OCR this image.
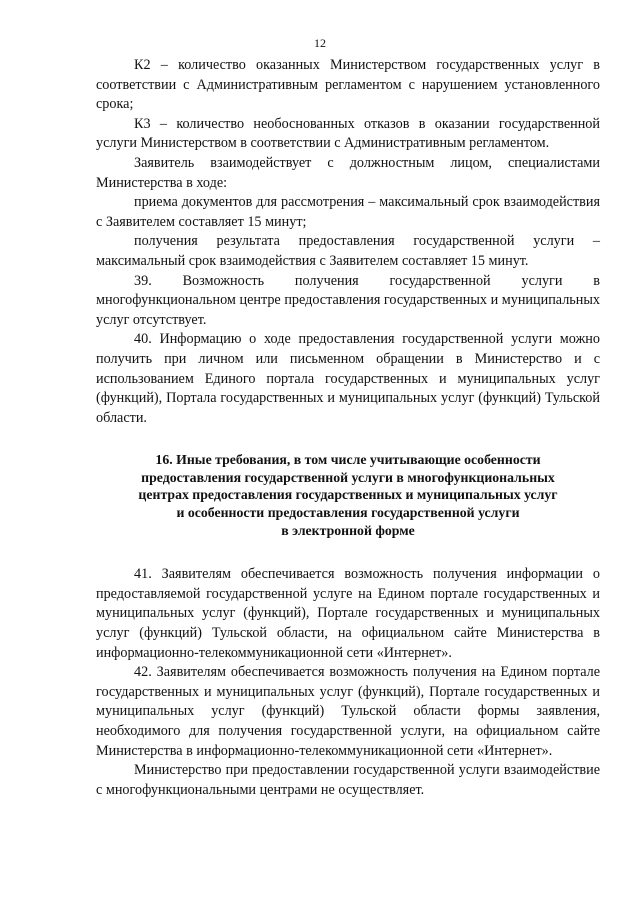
12

К2 – количество оказанных Министерством государственных услуг в соответствии с Административным регламентом с нарушением установленного срока;

К3 – количество необоснованных отказов в оказании государственной услуги Министерством в соответствии с Административным регламентом.

Заявитель взаимодействует с должностным лицом, специалистами Министерства в ходе:

приема документов для рассмотрения – максимальный срок взаимодействия с Заявителем составляет 15 минут;

получения результата предоставления государственной услуги – максимальный срок взаимодействия с Заявителем составляет 15 минут.

39. Возможность получения государственной услуги в многофункциональном центре предоставления государственных и муниципальных услуг отсутствует.

40. Информацию о ходе предоставления государственной услуги можно получить при личном или письменном обращении в Министерство и с использованием Единого портала государственных и муниципальных услуг (функций), Портала государственных и муниципальных услуг (функций) Тульской области.

16. Иные требования, в том числе учитывающие особенности
предоставления государственной услуги в многофункциональных
центрах предоставления государственных и муниципальных услуг
и особенности предоставления государственной услуги
в электронной форме

41. Заявителям обеспечивается возможность получения информации о предоставляемой государственной услуге на Едином портале государственных и муниципальных услуг (функций), Портале государственных и муниципальных услуг (функций) Тульской области, на официальном сайте Министерства в информационно-телекоммуникационной сети «Интернет».

42. Заявителям обеспечивается возможность получения на Едином портале государственных и муниципальных услуг (функций), Портале государственных и муниципальных услуг (функций) Тульской области формы заявления, необходимого для получения государственной услуги, на официальном сайте Министерства в информационно-телекоммуникационной сети «Интернет».

Министерство при предоставлении государственной услуги взаимодействие с многофункциональными центрами не осуществляет.
